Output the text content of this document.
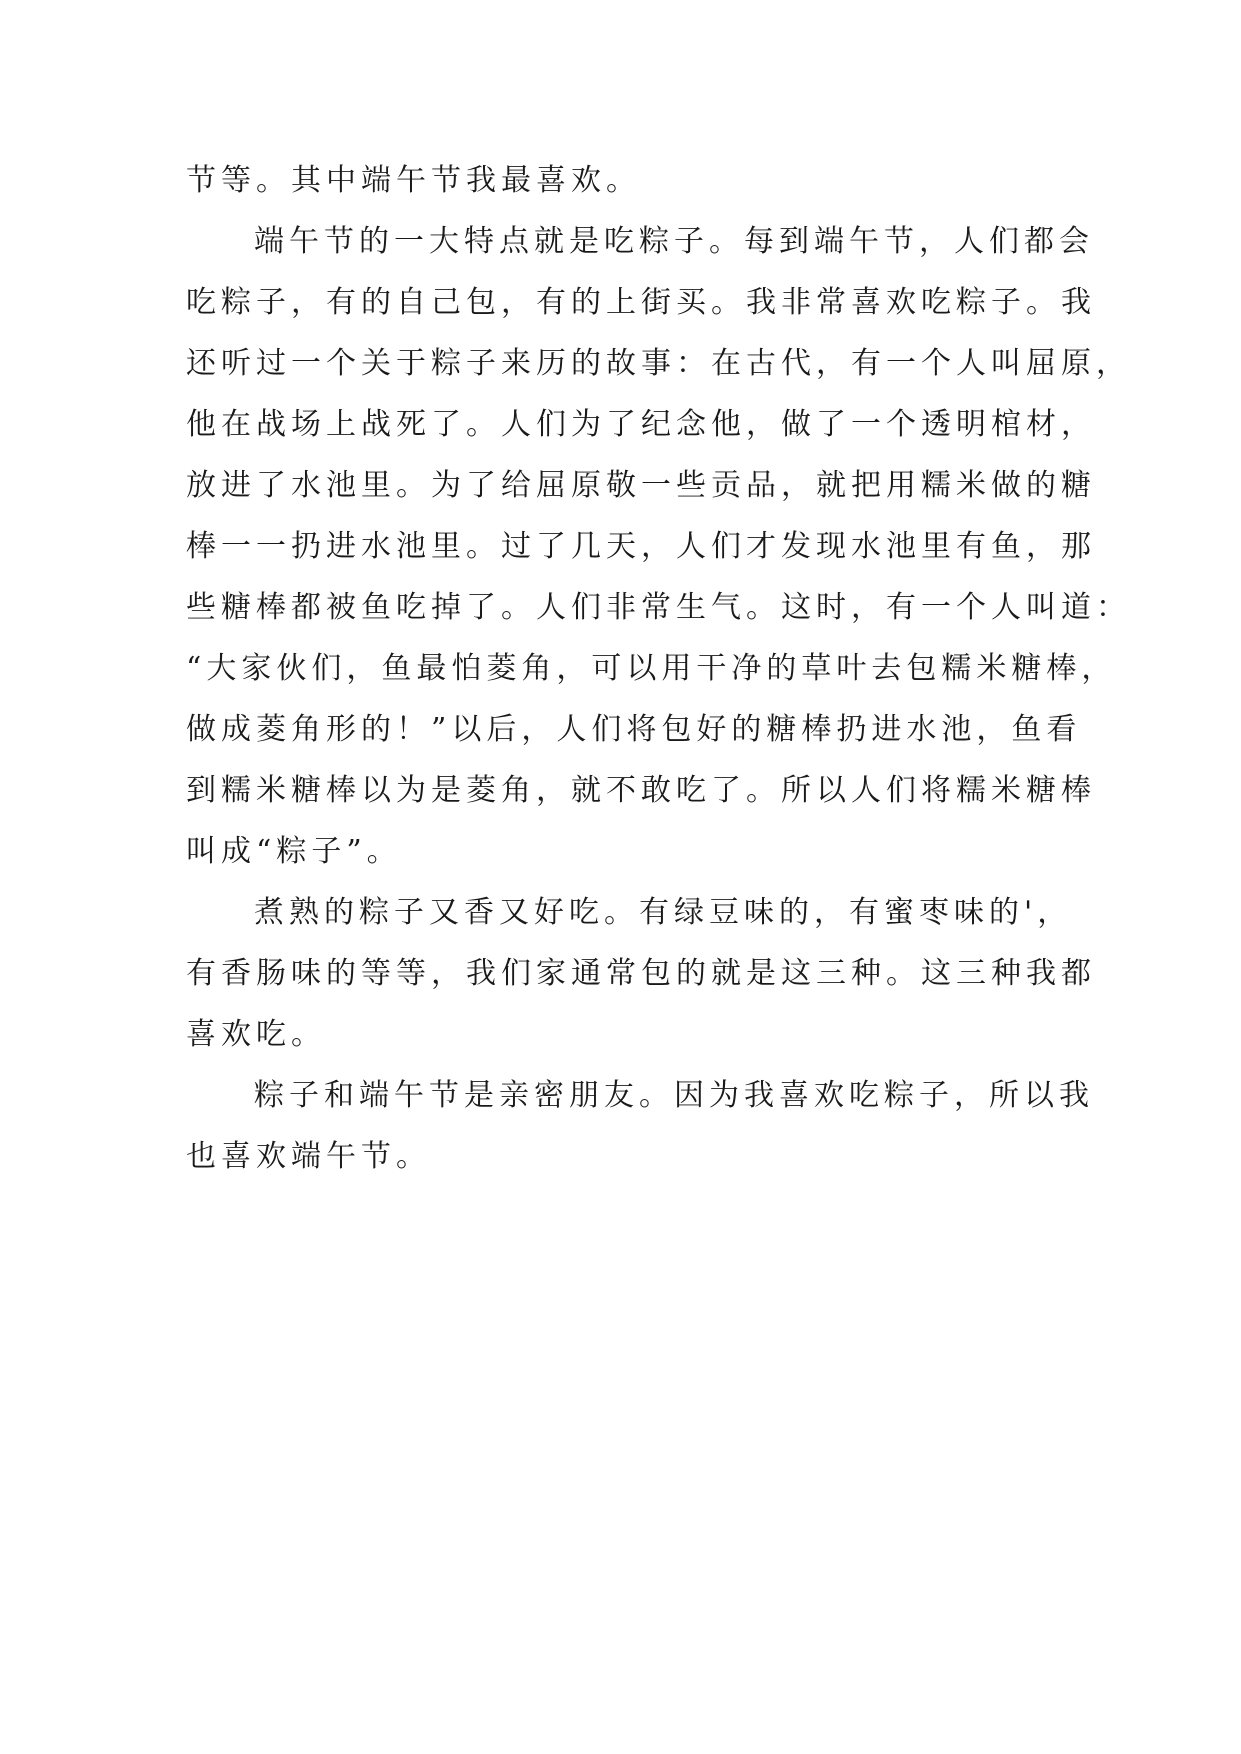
节等。其中端午节我最喜欢。
端午节的一大特点就是吃粽子。每到端午节，人们都会
吃粽子，有的自己包，有的上街买。我非常喜欢吃粽子。我
还听过一个关于粽子来历的故事：在古代，有一个人叫屈原，
他在战场上战死了。人们为了纪念他，做了一个透明棺材，
放进了水池里。为了给屈原敬一些贡品，就把用糯米做的糖
棒一一扔进水池里。过了几天，人们才发现水池里有鱼，那
些糖棒都被鱼吃掉了。人们非常生气。这时，有一个人叫道：
“大家伙们，鱼最怕菱角，可以用干净的草叶去包糯米糖棒，
做成菱角形的！”以后，人们将包好的糖棒扔进水池，鱼看
到糯米糖棒以为是菱角，就不敢吃了。所以人们将糯米糖棒
叫成“粽子”。
煮熟的粽子又香又好吃。有绿豆味的，有蜜枣味的'，
有香肠味的等等，我们家通常包的就是这三种。这三种我都
喜欢吃。
粽子和端午节是亲密朋友。因为我喜欢吃粽子，所以我
也喜欢端午节。
